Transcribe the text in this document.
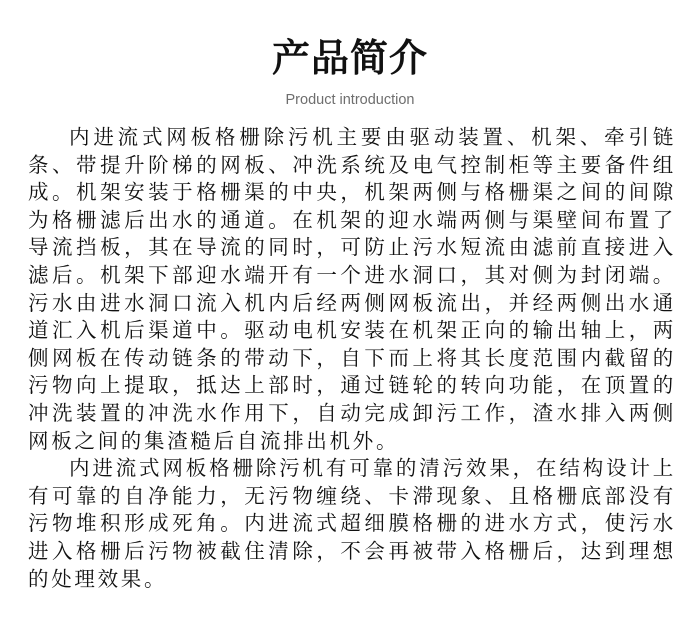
产品简介
Product introduction

内进流式网板格栅除污机主要由驱动装置、机架、牵引链条、带提升阶梯的网板、冲洗系统及电气控制柜等主要备件组成。机架安装于格栅渠的中央，机架两侧与格栅渠之间的间隙为格栅滤后出水的通道。在机架的迎水端两侧与渠壁间布置了导流挡板，其在导流的同时，可防止污水短流由滤前直接进入滤后。机架下部迎水端开有一个进水洞口，其对侧为封闭端。污水由进水洞口流入机内后经两侧网板流出，并经两侧出水通道汇入机后渠道中。驱动电机安装在机架正向的输出轴上，两侧网板在传动链条的带动下，自下而上将其长度范围内截留的污物向上提取，抵达上部时，通过链轮的转向功能，在顶置的冲洗装置的冲洗水作用下，自动完成卸污工作，渣水排入两侧网板之间的集渣糙后自流排出机外。

内进流式网板格栅除污机有可靠的清污效果，在结构设计上有可靠的自净能力，无污物缠绕、卡滞现象、且格栅底部没有污物堆积形成死角。内进流式超细膜格栅的进水方式，使污水进入格栅后污物被截住清除，不会再被带入格栅后，达到理想的处理效果。
